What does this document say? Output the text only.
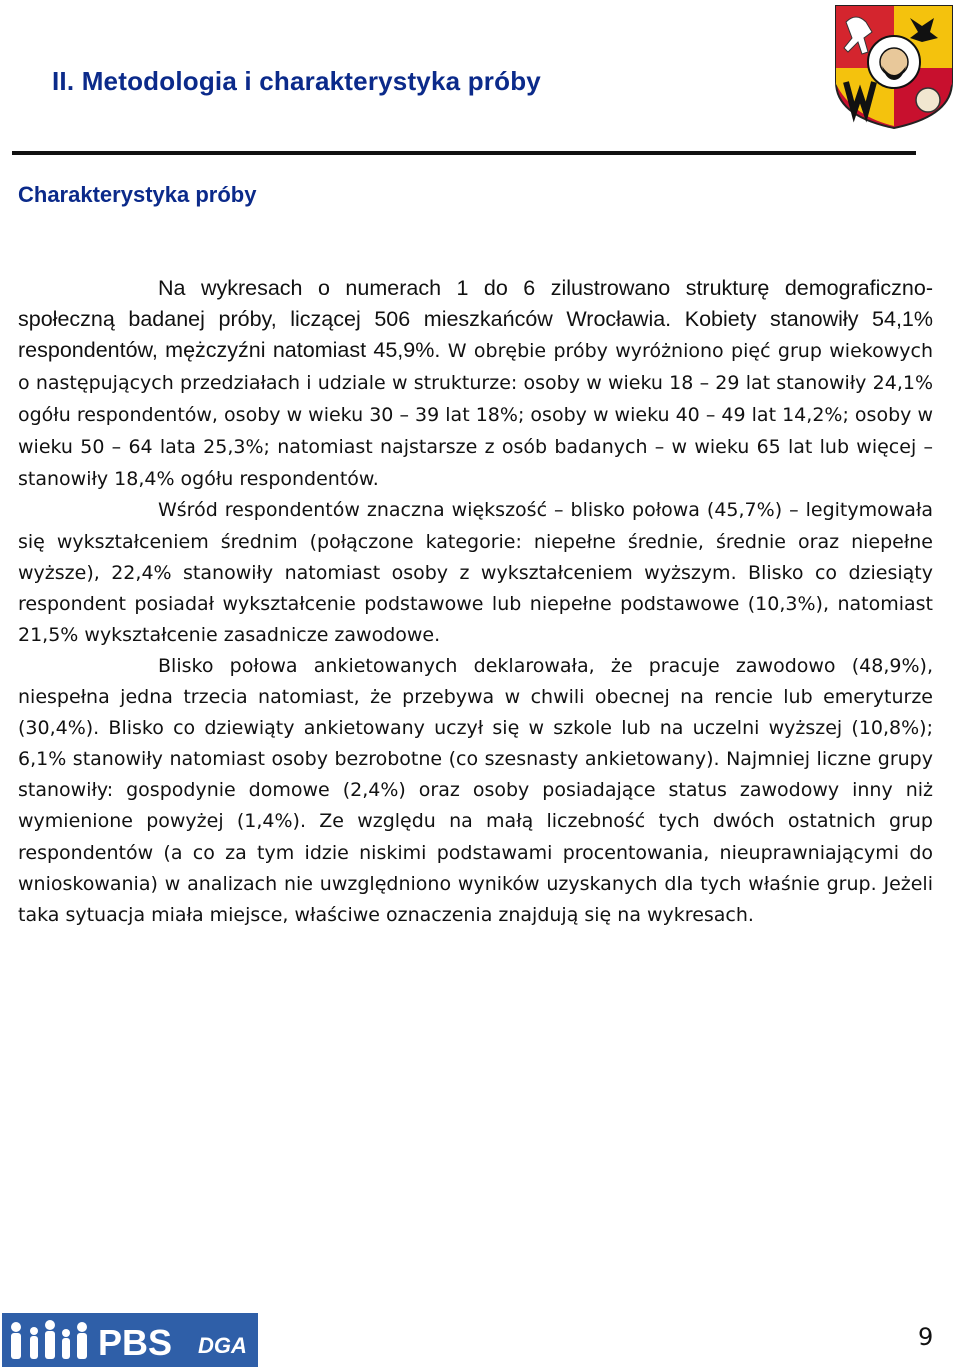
II. Metodologia i charakterystyka próby
Charakterystyka próby

Na wykresach o numerach 1 do 6 zilustrowano strukturę demograficzno-społeczną badanej próby, liczącej 506 mieszkańców Wrocławia. Kobiety stanowiły 54,1% respondentów, mężczyźni natomiast 45,9%. W obrębie próby wyróżniono pięć grup wiekowych o następujących przedziałach i udziale w strukturze: osoby w wieku 18 – 29 lat stanowiły 24,1% ogółu respondentów, osoby w wieku 30 – 39 lat 18%; osoby w wieku 40 – 49 lat 14,2%; osoby w wieku 50 – 64 lata 25,3%; natomiast najstarsze z osób badanych – w wieku 65 lat lub więcej – stanowiły 18,4% ogółu respondentów.

Wśród respondentów znaczna większość – blisko połowa (45,7%) – legitymowała się wykształceniem średnim (połączone kategorie: niepełne średnie, średnie oraz niepełne wyższe), 22,4% stanowiły natomiast osoby z wykształceniem wyższym. Blisko co dziesiąty respondent posiadał wykształcenie podstawowe lub niepełne podstawowe (10,3%), natomiast 21,5% wykształcenie zasadnicze zawodowe.

Blisko połowa ankietowanych deklarowała, że pracuje zawodowo (48,9%), niespełna jedna trzecia natomiast, że przebywa w chwili obecnej na rencie lub emeryturze (30,4%). Blisko co dziewiąty ankietowany uczył się w szkole lub na uczelni wyższej (10,8%); 6,1% stanowiły natomiast osoby bezrobotne (co szesnasty ankietowany). Najmniej liczne grupy stanowiły: gospodynie domowe (2,4%) oraz osoby posiadające status zawodowy inny niż wymienione powyżej (1,4%). Ze względu na małą liczebność tych dwóch ostatnich grup respondentów (a co za tym idzie niskimi podstawami procentowania, nieuprawniającymi do wnioskowania) w analizach nie uwzględniono wyników uzyskanych dla tych właśnie grup. Jeżeli taka sytuacja miała miejsce, właściwe oznaczenia znajdują się na wykresach.

PBS DGA	9
